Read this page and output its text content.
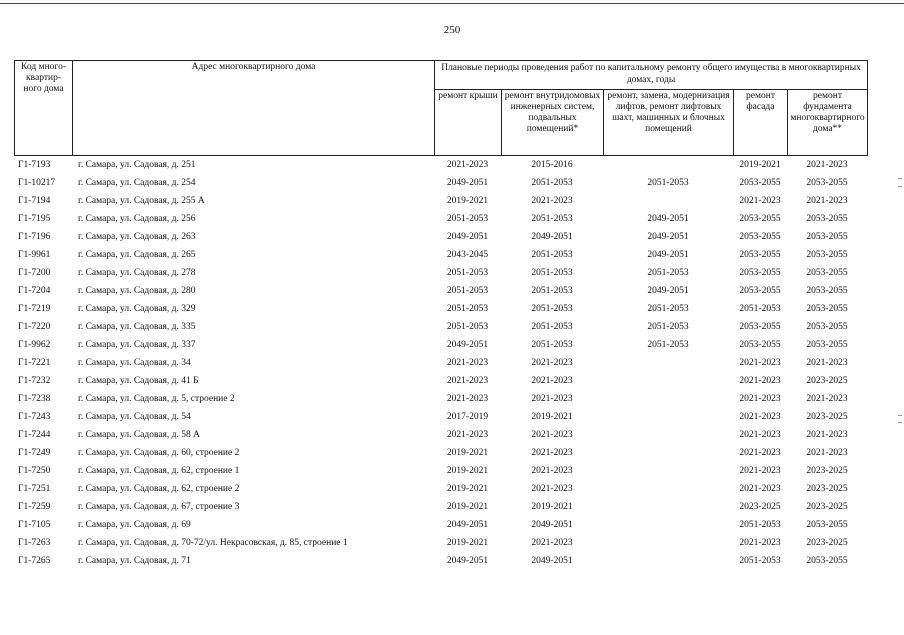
250
Код много-квартир-ного дома	Адрес многоквартирного дома	Плановые периоды проведения работ по капитальному ремонту общего имущества в многоквартирных домах, годы				
		ремонт крыши	ремонт внутридомовых инженерных систем, подвальных помещений*	ремонт, замена, модернизация лифтов, ремонт лифтовых шахт, машинных и блочных помещений	ремонт фасада	ремонт фундамента многоквартирного дома**
Г1-7193	г. Самара, ул. Садовая, д. 251	2021-2023	2015-2016		2019-2021	2021-2023
Г1-10217	г. Самара, ул. Садовая, д. 254	2049-2051	2051-2053	2051-2053	2053-2055	2053-2055
Г1-7194	г. Самара, ул. Садовая, д. 255 А	2019-2021	2021-2023		2021-2023	2021-2023
Г1-7195	г. Самара, ул. Садовая, д. 256	2051-2053	2051-2053	2049-2051	2053-2055	2053-2055
Г1-7196	г. Самара, ул. Садовая, д. 263	2049-2051	2049-2051	2049-2051	2053-2055	2053-2055
Г1-9961	г. Самара, ул. Садовая, д. 265	2043-2045	2051-2053	2049-2051	2053-2055	2053-2055
Г1-7200	г. Самара, ул. Садовая, д. 278	2051-2053	2051-2053	2051-2053	2053-2055	2053-2055
Г1-7204	г. Самара, ул. Садовая, д. 280	2051-2053	2051-2053	2049-2051	2053-2055	2053-2055
Г1-7219	г. Самара, ул. Садовая, д. 329	2051-2053	2051-2053	2051-2053	2051-2053	2053-2055
Г1-7220	г. Самара, ул. Садовая, д. 335	2051-2053	2051-2053	2051-2053	2053-2055	2053-2055
Г1-9962	г. Самара, ул. Садовая, д. 337	2049-2051	2051-2053	2051-2053	2053-2055	2053-2055
Г1-7221	г. Самара, ул. Садовая, д. 34	2021-2023	2021-2023		2021-2023	2021-2023
Г1-7232	г. Самара, ул. Садовая, д. 41 Б	2021-2023	2021-2023		2021-2023	2023-2025
Г1-7238	г. Самара, ул. Садовая, д. 5, строение 2	2021-2023	2021-2023		2021-2023	2021-2023
Г1-7243	г. Самара, ул. Садовая, д. 54	2017-2019	2019-2021		2021-2023	2023-2025
Г1-7244	г. Самара, ул. Садовая, д. 58 А	2021-2023	2021-2023		2021-2023	2021-2023
Г1-7249	г. Самара, ул. Садовая, д. 60, строение 2	2019-2021	2021-2023		2021-2023	2021-2023
Г1-7250	г. Самара, ул. Садовая, д. 62, строение 1	2019-2021	2021-2023		2021-2023	2023-2025
Г1-7251	г. Самара, ул. Садовая, д. 62, строение 2	2019-2021	2021-2023		2021-2023	2023-2025
Г1-7259	г. Самара, ул. Садовая, д. 67, строение 3	2019-2021	2019-2021		2023-2025	2023-2025
Г1-7105	г. Самара, ул. Садовая, д. 69	2049-2051	2049-2051		2051-2053	2053-2055
Г1-7263	г. Самара, ул. Садовая, д. 70-72/ул. Некрасовская, д. 85, строение 1	2019-2021	2021-2023		2021-2023	2023-2025
Г1-7265	г. Самара, ул. Садовая, д. 71	2049-2051	2049-2051		2051-2053	2053-2055
